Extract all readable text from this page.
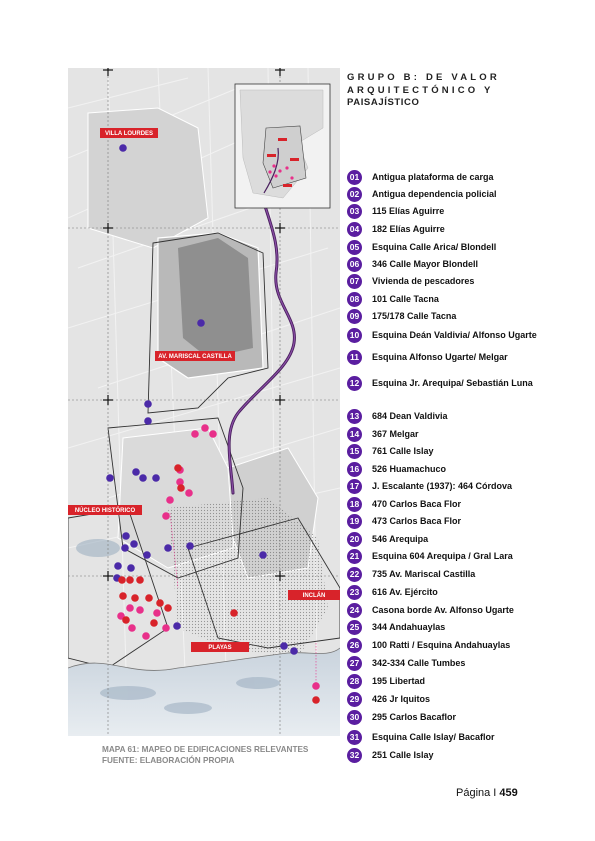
VILLA LOURDES
AV. MARISCAL CASTILLA
NÚCLEO HISTÓRICO
INCLÁN
PLAYAS
GRUPO B: DE VALOR
ARQUITECTÓNICO Y
PAISAJÍSTICO
01	Antigua plataforma de carga
02	Antigua dependencia policial
03	115 Elías Aguirre
04	182 Elías Aguirre
05	Esquina Calle Arica/ Blondell
06	346 Calle Mayor Blondell
07	Vivienda de pescadores
08	101 Calle Tacna
09	175/178 Calle Tacna
10	Esquina Deán Valdivia/ Alfonso Ugarte
11	Esquina Alfonso Ugarte/ Melgar
12	Esquina Jr. Arequipa/ Sebastián Luna
13	684 Dean Valdivia
14	367 Melgar
15	761 Calle Islay
16	526 Huamachuco
17	J. Escalante (1937): 464 Córdova
18	470 Carlos Baca Flor
19	473 Carlos Baca Flor
20	546 Arequipa
21	Esquina 604 Arequipa / Gral Lara
22	735 Av. Mariscal Castilla
23	616 Av. Ejército
24	Casona borde Av. Alfonso Ugarte
25	344 Andahuaylas
26	100 Ratti / Esquina Andahuaylas
27	342-334 Calle Tumbes
28	195 Libertad
29	426 Jr Iquitos
30	295 Carlos Bacaflor
31	Esquina Calle Islay/ Bacaflor
32	251 Calle Islay
MAPA 61: MAPEO DE EDIFICACIONES RELEVANTES
FUENTE: ELABORACIÓN PROPIA
Página I 459
